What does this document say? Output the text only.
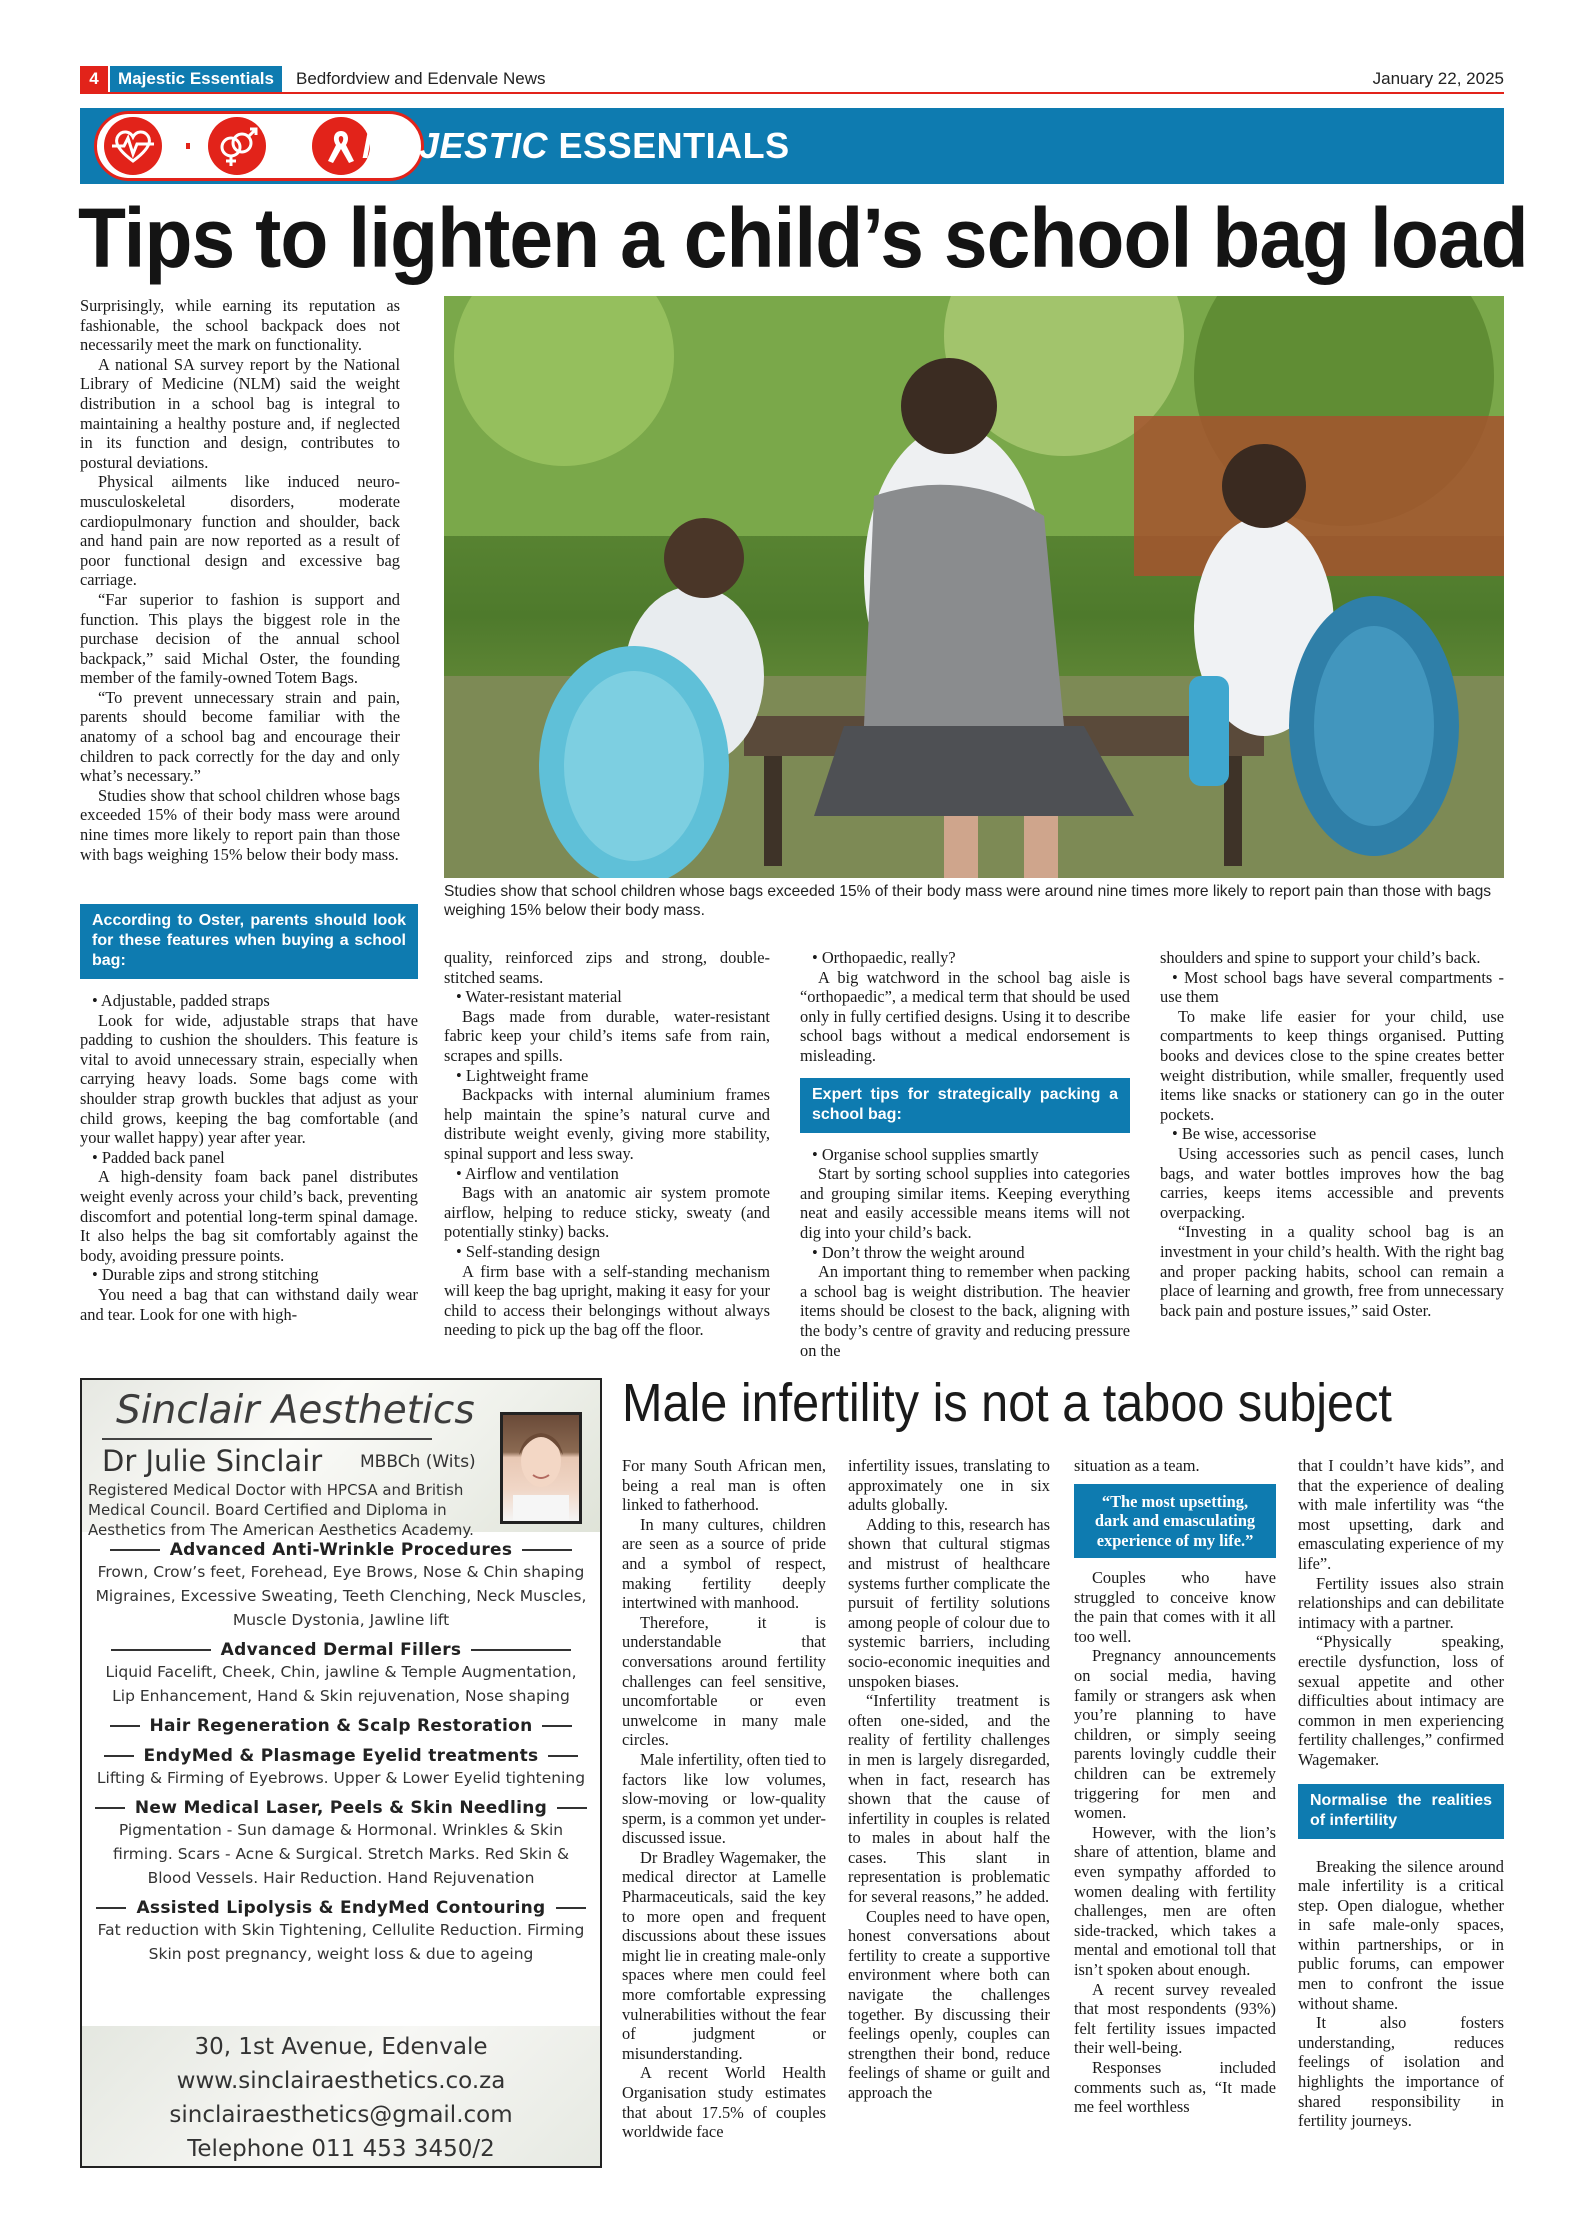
4	Majestic Essentials	Bedfordview and Edenvale News	January 22, 2025
MAJESTIC ESSENTIALS
Tips to lighten a child’s school bag load

Surprisingly, while earning its reputation as fashionable, the school backpack does not necessarily meet the mark on functionality.

A national SA survey report by the National Library of Medicine (NLM) said the weight distribution in a school bag is integral to maintaining a healthy posture and, if neglected in its function and design, contributes to postural deviations.

Physical ailments like induced neuro-musculoskeletal disorders, moderate cardiopulmonary function and shoulder, back and hand pain are now reported as a result of poor functional design and excessive bag carriage.

“Far superior to fashion is support and function. This plays the biggest role in the purchase decision of the annual school backpack,” said Michal Oster, the founding member of the family-owned Totem Bags.

“To prevent unnecessary strain and pain, parents should become familiar with the anatomy of a school bag and encourage their children to pack correctly for the day and only what’s necessary.”

Studies show that school children whose bags exceeded 15% of their body mass were around nine times more likely to report pain than those with bags weighing 15% below their body mass.

Studies show that school children whose bags exceeded 15% of their body mass were around nine times more likely to report pain than those with bags weighing 15% below their body mass.
According to Oster, parents should look for these features when buying a school bag:

• Adjustable, padded straps

Look for wide, adjustable straps that have padding to cushion the shoulders. This feature is vital to avoid unnecessary strain, especially when carrying heavy loads. Some bags come with shoulder strap growth buckles that adjust as your child grows, keeping the bag comfortable (and your wallet happy) year after year.

• Padded back panel

A high-density foam back panel distributes weight evenly across your child’s back, preventing discomfort and potential long-term spinal damage. It also helps the bag sit comfortably against the body, avoiding pressure points.

• Durable zips and strong stitching

You need a bag that can withstand daily wear and tear. Look for one with high-

quality, reinforced zips and strong, double-stitched seams.

• Water-resistant material

Bags made from durable, water-resistant fabric keep your child’s items safe from rain, scrapes and spills.

• Lightweight frame

Backpacks with internal aluminium frames help maintain the spine’s natural curve and distribute weight evenly, giving more stability, spinal support and less sway.

• Airflow and ventilation

Bags with an anatomic air system promote airflow, helping to reduce sticky, sweaty (and potentially stinky) backs.

• Self-standing design

A firm base with a self-standing mechanism will keep the bag upright, making it easy for your child to access their belongings without always needing to pick up the bag off the floor.

• Orthopaedic, really?

A big watchword in the school bag aisle is “orthopaedic”, a medical term that should be used only in fully certified designs. Using it to describe school bags without a medical endorsement is misleading.

Expert tips for strategically packing a school bag:

• Organise school supplies smartly

Start by sorting school supplies into categories and grouping similar items. Keeping everything neat and easily accessible means items will not dig into your child’s back.

• Don’t throw the weight around

An important thing to remember when packing a school bag is weight distribution. The heavier items should be closest to the back, aligning with the body’s centre of gravity and reducing pressure on the

shoulders and spine to support your child’s back.

• Most school bags have several compartments - use them

To make life easier for your child, use compartments to keep things organised. Putting books and devices close to the spine creates better weight distribution, while smaller, frequently used items like snacks or stationery can go in the outer pockets.

• Be wise, accessorise

Using accessories such as pencil cases, lunch bags, and water bottles improves how the bag carries, keeps items accessible and prevents overpacking.

“Investing in a quality school bag is an investment in your child’s health. With the right bag and proper packing habits, school can remain a place of learning and growth, free from unnecessary back pain and posture issues,” said Oster.

Sinclair Aesthetics
Dr Julie Sinclair MBBCh (Wits)
Registered Medical Doctor with HPCSA and British Medical Council. Board Certified and Diploma in Aesthetics from The American Aesthetics Academy.
Advanced Anti-Wrinkle Procedures
Frown, Crow’s feet, Forehead, Eye Brows, Nose & Chin shaping Migraines, Excessive Sweating, Teeth Clenching, Neck Muscles, Muscle Dystonia, Jawline lift
Advanced Dermal Fillers
Liquid Facelift, Cheek, Chin, jawline & Temple Augmentation, Lip Enhancement, Hand & Skin rejuvenation, Nose shaping
Hair Regeneration & Scalp Restoration
EndyMed & Plasmage Eyelid treatments
Lifting & Firming of Eyebrows. Upper & Lower Eyelid tightening
New Medical Laser, Peels & Skin Needling
Pigmentation - Sun damage & Hormonal. Wrinkles & Skin firming. Scars - Acne & Surgical. Stretch Marks. Red Skin & Blood Vessels. Hair Reduction. Hand Rejuvenation
Assisted Lipolysis & EndyMed Contouring
Fat reduction with Skin Tightening, Cellulite Reduction. Firming Skin post pregnancy, weight loss & due to ageing
30, 1st Avenue, Edenvale
www.sinclairaesthetics.co.za
sinclairaesthetics@gmail.com
Telephone 011 453 3450/2
Male infertility is not a taboo subject

For many South African men, being a real man is often linked to fatherhood.

In many cultures, children are seen as a source of pride and a symbol of respect, making fertility deeply intertwined with manhood.

Therefore, it is understandable that conversations around fertility challenges can feel sensitive, uncomfortable or even unwelcome in many male circles.

Male infertility, often tied to factors like low volumes, slow-moving or low-quality sperm, is a common yet under-discussed issue.

Dr Bradley Wagemaker, the medical director at Lamelle Pharmaceuticals, said the key to more open and frequent discussions about these issues might lie in creating male-only spaces where men could feel more comfortable expressing vulnerabilities without the fear of judgment or misunderstanding.

A recent World Health Organisation study estimates that about 17.5% of couples worldwide face

infertility issues, translating to approximately one in six adults globally.

Adding to this, research has shown that cultural stigmas and mistrust of healthcare systems further complicate the pursuit of fertility solutions among people of colour due to systemic barriers, including socio-economic inequities and unspoken biases.

“Infertility treatment is often one-sided, and the reality of fertility challenges in men is largely disregarded, when in fact, research has shown that the cause of infertility in couples is related to males in about half the cases. This slant in representation is problematic for several reasons,” he added.

Couples need to have open, honest conversations about fertility to create a supportive environment where both can navigate the challenges together. By discussing their feelings openly, couples can strengthen their bond, reduce feelings of shame or guilt and approach the

situation as a team.

“The most upsetting, dark and emasculating experience of my life.”

Couples who have struggled to conceive know the pain that comes with it all too well.

Pregnancy announcements on social media, having family or strangers ask when you’re planning to have children, or simply seeing parents lovingly cuddle their children can be extremely triggering for men and women.

However, with the lion’s share of attention, blame and even sympathy afforded to women dealing with fertility challenges, men are often side-tracked, which takes a mental and emotional toll that isn’t spoken about enough.

A recent survey revealed that most respondents (93%) felt fertility issues impacted their well-being.

Responses included comments such as, “It made me feel worthless

that I couldn’t have kids”, and that the experience of dealing with male infertility was “the most upsetting, dark and emasculating experience of my life”.

Fertility issues also strain relationships and can debilitate intimacy with a partner.

“Physically speaking, erectile dysfunction, loss of sexual appetite and other difficulties about intimacy are common in men experiencing fertility challenges,” confirmed Wagemaker.

Normalise the realities of infertility

Breaking the silence around male infertility is a critical step. Open dialogue, whether in safe male-only spaces, within partnerships, or in public forums, can empower men to confront the issue without shame.

It also fosters understanding, reduces feelings of isolation and highlights the importance of shared responsibility in fertility journeys.
